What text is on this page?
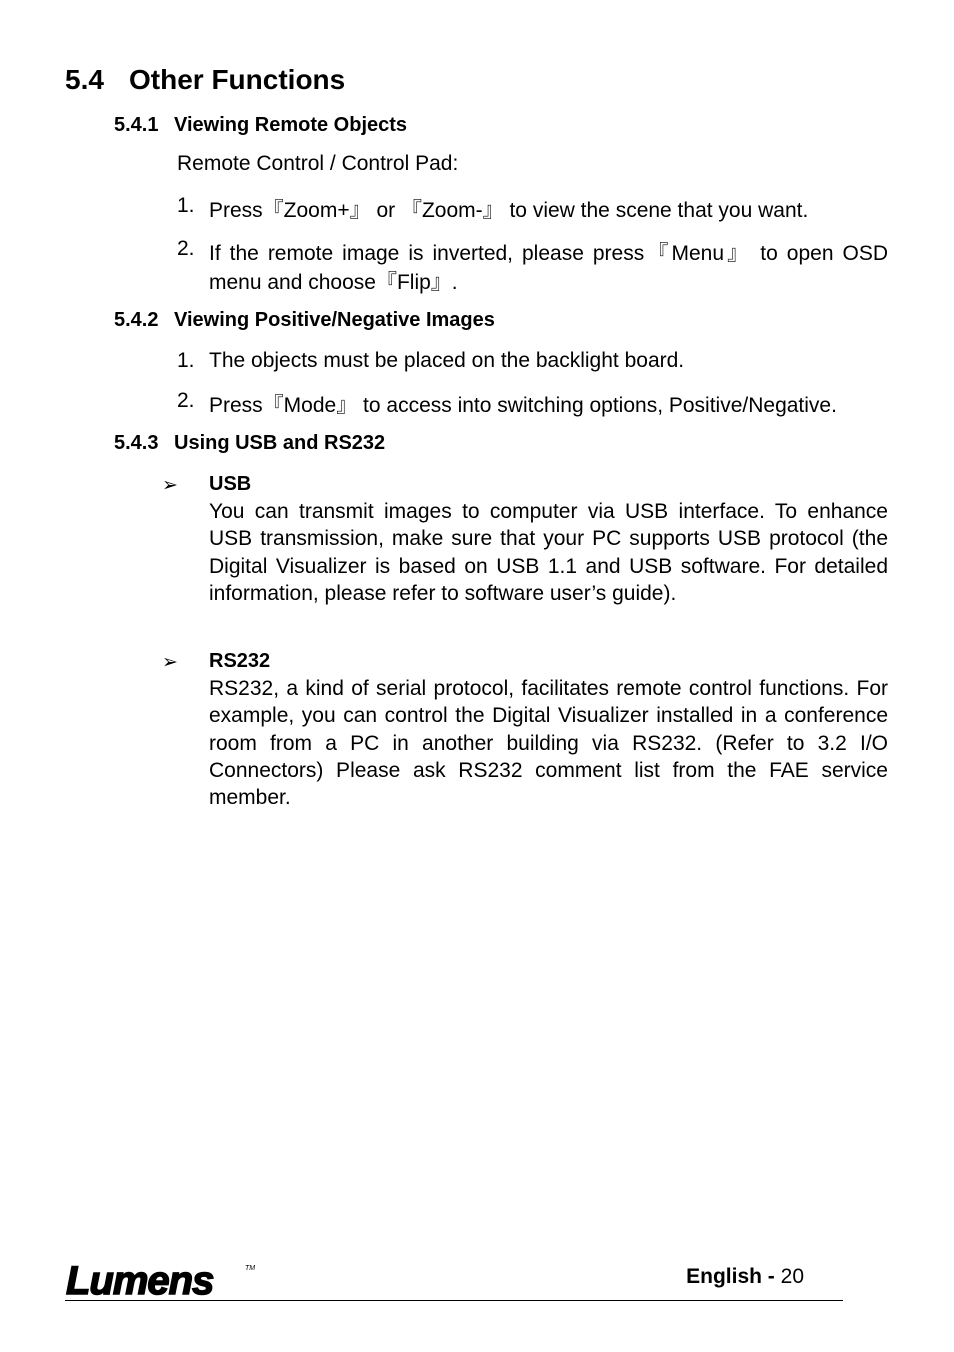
5.4 Other Functions
5.4.1 Viewing Remote Objects
Remote Control / Control Pad:
1. Press『Zoom+』 or 『Zoom-』 to view the scene that you want.
2. If the remote image is inverted, please press『Menu』 to open OSD
menu and choose『Flip』.
5.4.2 Viewing Positive/Negative Images
1. The objects must be placed on the backlight board.
2. Press『Mode』 to access into switching options, Positive/Negative.
5.4.3 Using USB and RS232
➢ USB
You can transmit images to computer via USB interface. To enhance USB transmission, make sure that your PC supports USB protocol (the Digital Visualizer is based on USB 1.1 and USB software. For detailed information, please refer to software user’s guide).
➢ RS232
RS232, a kind of serial protocol, facilitates remote control functions. For example, you can control the Digital Visualizer installed in a conference room from a PC in another building via RS232. (Refer to 3.2 I/O Connectors) Please ask RS232 comment list from the FAE service member.
Lumens	TM	English - 20
